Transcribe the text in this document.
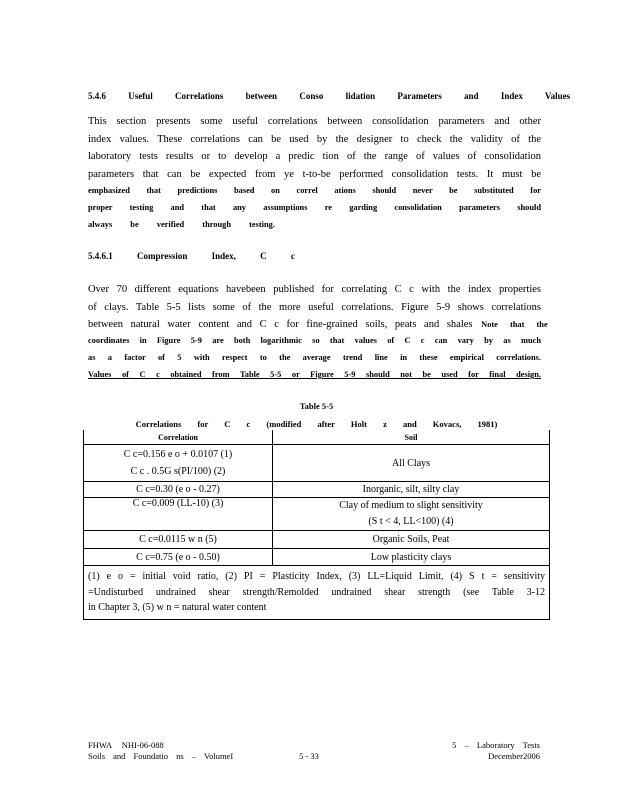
5.4.6 Useful Correlations between Conso lidation Parameters and Index Values
This section presents some useful correlations between consolidation parameters and other
index values. These correlations can be used by the designer to check the validity of the
laboratory tests results or to develop a predic tion of the range of values of consolidation
parameters that can be expected from ye t-to-be performed consolidation tests. It must be
emphasized that predictions based on correl ations should never be substituted for
proper testing and that any assumptions re garding consolidation parameters should
always be verified through testing.
5.4.6.1 Compression Index, C c
Over 70 different equations havebeen published for correlating C c with the index properties
of clays. Table 5-5 lists some of the more useful correlations. Figure 5-9 shows correlations
between natural water content and C c for fine-grained soils, peats and shales Note that the
coordinates in Figure 5-9 are both logarithmic so that values of C c can vary by as much
as a factor of 5 with respect to the average trend line in these empirical correlations.
Values of C c obtained from Table 5-5 or Figure 5-9 should not be used for final design.
Table 5-5
Correlations for C c (modified after Holt z and Kovacs, 1981)
Correlation	Soil

C c=0.156 e o + 0.0107 (1)
C c . 0.5G s(PI/100) (2)	All Clays
C c=0.30 (e o - 0.27)	Inorganic, silt, silty clay
C c=0.009 (LL-10) (3)	Clay of medium to slight sensitivity
(S t < 4, LL<100) (4)

C c=0.0115 w n (5)	Organic Soils, Peat
C c=0.75 (e o - 0.50)	Low plasticity clays

(1) e o = initial void ratio, (2) PI = Plasticity Index, (3) LL=Liquid Limit, (4) S t = sensitivity
=Undisturbed undrained shear strength/Remolded undrained shear strength (see Table 3-12
in Chapter 3, (5) w n = natural water content	
FHWA NHI-06-088
Soils and Foundatio ns – VolumeI	5 - 33
5 – Laboratory Tests
December2006
